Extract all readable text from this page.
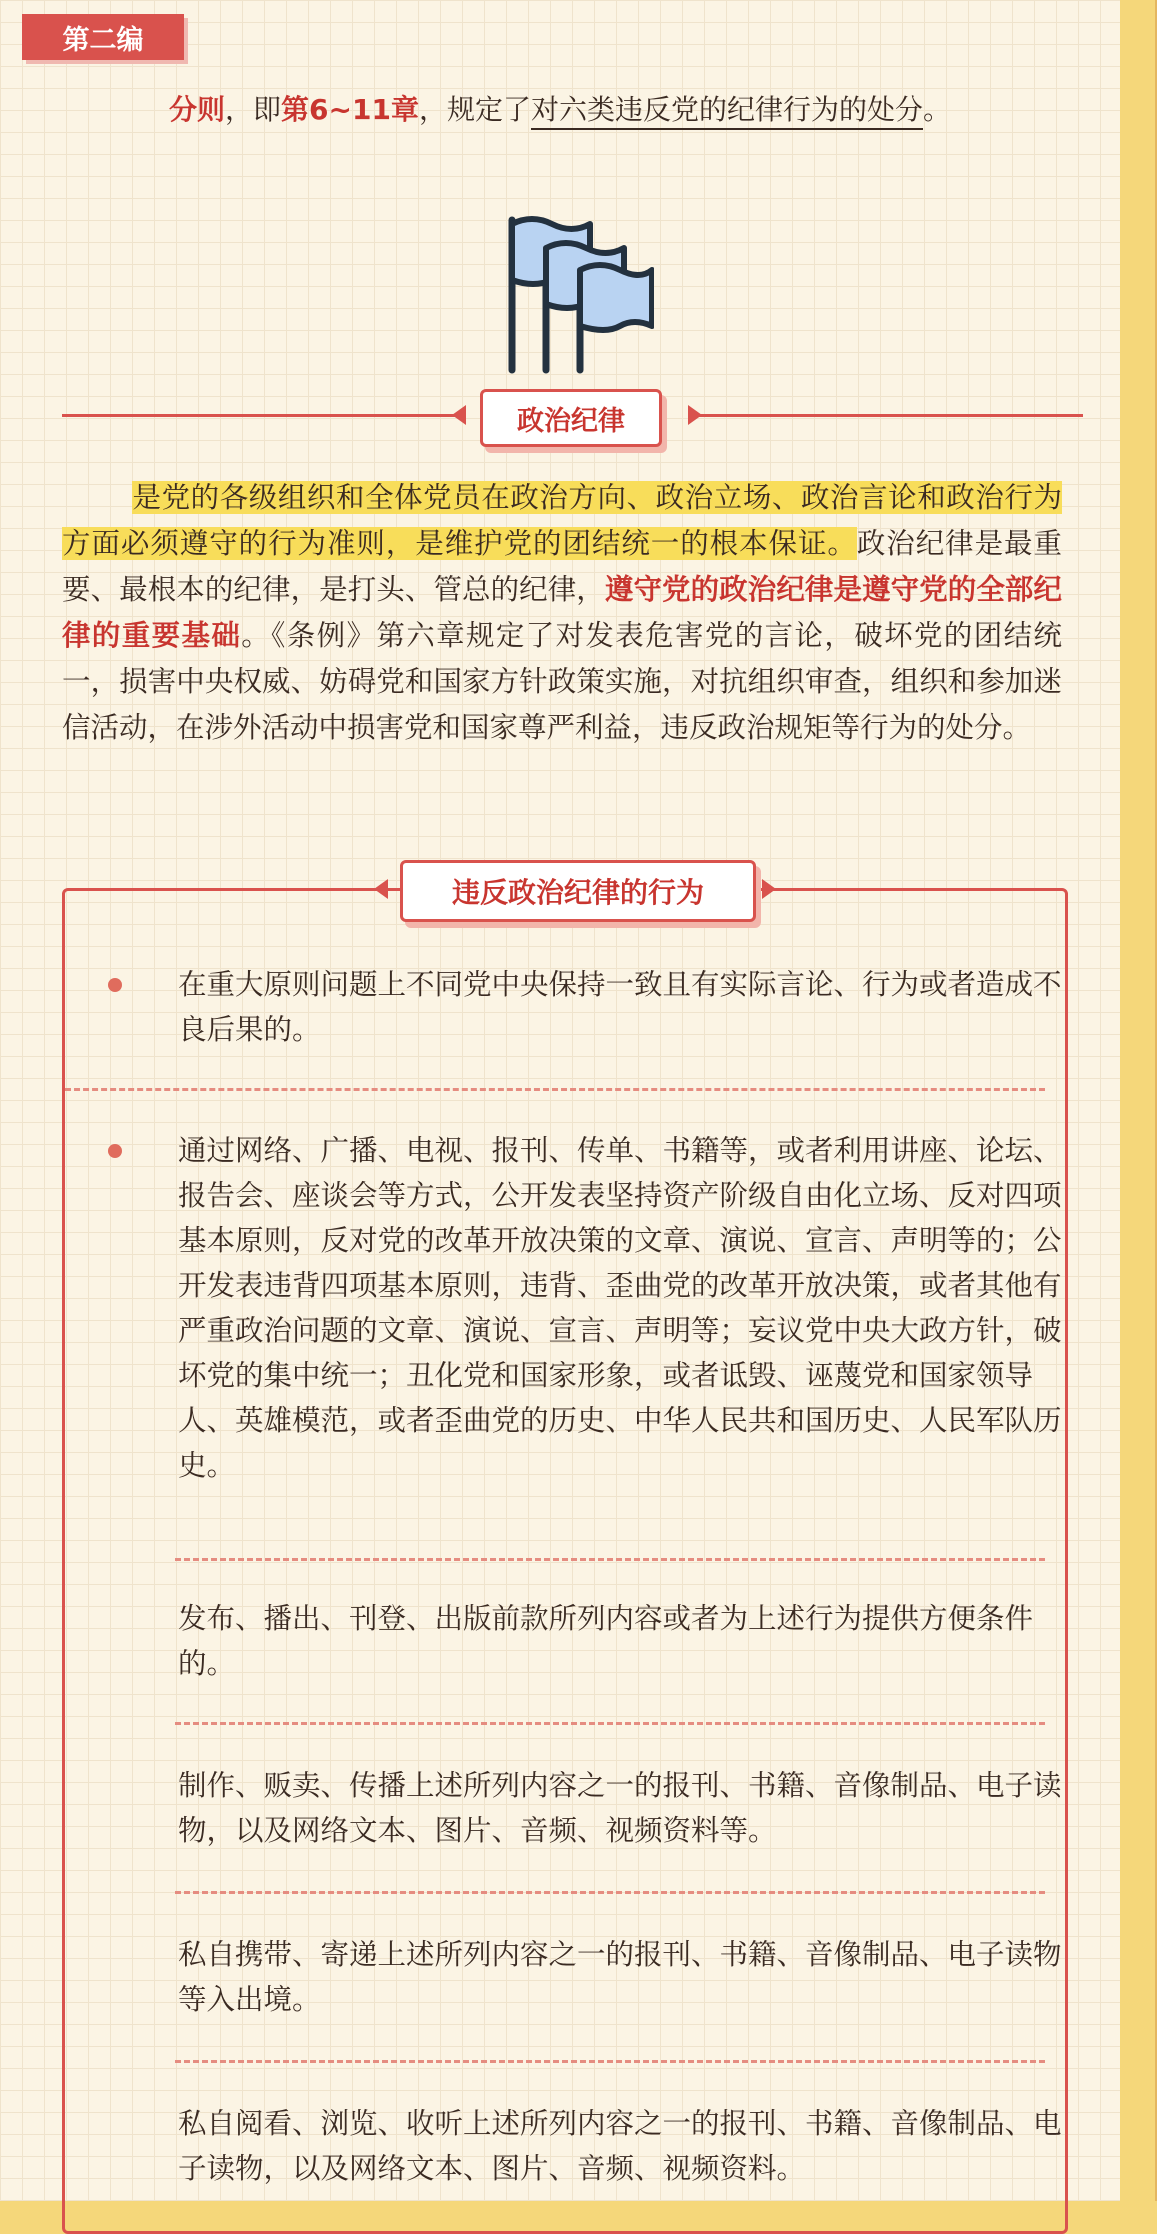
第二编
分则，即第6~11章，规定了对六类违反党的纪律行为的处分。
政治纪律
是党的各级组织和全体党员在政治方向、政治立场、政治言论和政治行为方面必须遵守的行为准则，是维护党的团结统一的根本保证。政治纪律是最重要、最根本的纪律，是打头、管总的纪律，遵守党的政治纪律是遵守党的全部纪律的重要基础。《条例》第六章规定了对发表危害党的言论，破坏党的团结统一，损害中央权威、妨碍党和国家方针政策实施，对抗组织审查，组织和参加迷信活动，在涉外活动中损害党和国家尊严利益，违反政治规矩等行为的处分。
违反政治纪律的行为
在重大原则问题上不同党中央保持一致且有实际言论、行为或者造成不良后果的。
通过网络、广播、电视、报刊、传单、书籍等，或者利用讲座、论坛、报告会、座谈会等方式，公开发表坚持资产阶级自由化立场、反对四项基本原则，反对党的改革开放决策的文章、演说、宣言、声明等的；公开发表违背四项基本原则，违背、歪曲党的改革开放决策，或者其他有严重政治问题的文章、演说、宣言、声明等；妄议党中央大政方针，破坏党的集中统一；丑化党和国家形象，或者诋毁、诬蔑党和国家领导人、英雄模范，或者歪曲党的历史、中华人民共和国历史、人民军队历史。
发布、播出、刊登、出版前款所列内容或者为上述行为提供方便条件的。
制作、贩卖、传播上述所列内容之一的报刊、书籍、音像制品、电子读物，以及网络文本、图片、音频、视频资料等。
私自携带、寄递上述所列内容之一的报刊、书籍、音像制品、电子读物等入出境。
私自阅看、浏览、收听上述所列内容之一的报刊、书籍、音像制品、电子读物，以及网络文本、图片、音频、视频资料。
